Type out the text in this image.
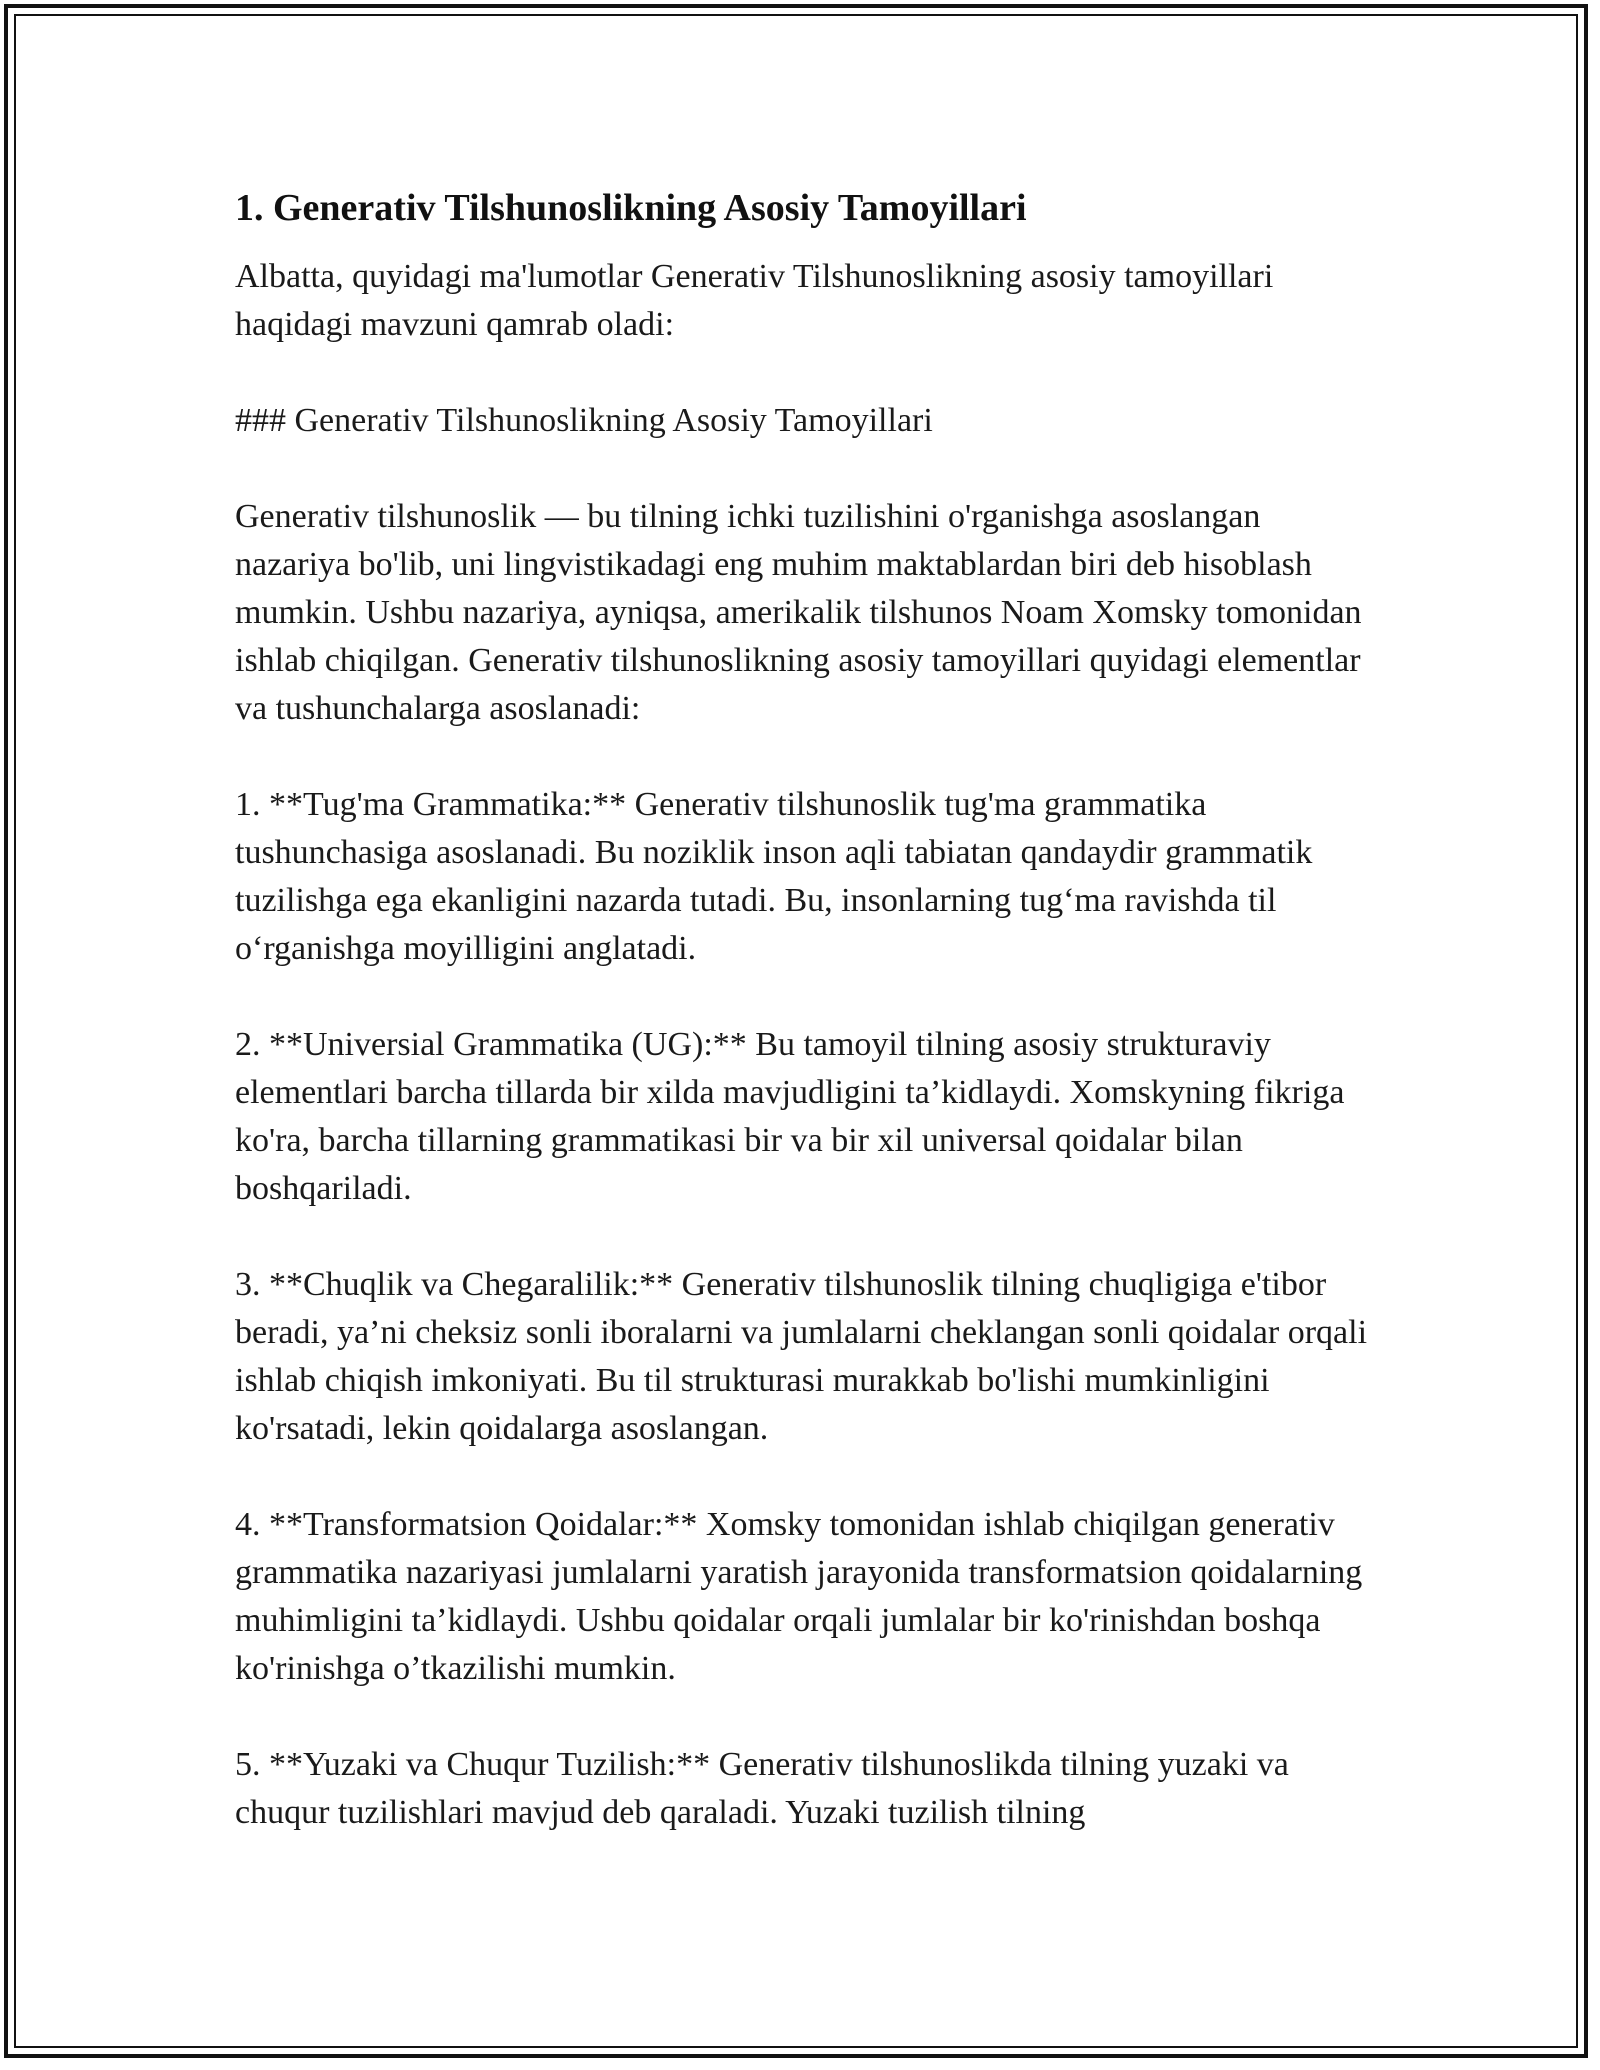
1. Generativ Tilshunoslikning Asosiy Tamoyillari

Albatta, quyidagi ma'lumotlar Generativ Tilshunoslikning asosiy tamoyillari haqidagi mavzuni qamrab oladi:

### Generativ Tilshunoslikning Asosiy Tamoyillari

Generativ tilshunoslik — bu tilning ichki tuzilishini o'rganishga asoslangan nazariya bo'lib, uni lingvistikadagi eng muhim maktablardan biri deb hisoblash mumkin. Ushbu nazariya, ayniqsa, amerikalik tilshunos Noam Xomsky tomonidan ishlab chiqilgan. Generativ tilshunoslikning asosiy tamoyillari quyidagi elementlar va tushunchalarga asoslanadi:

1. **Tug'ma Grammatika:** Generativ tilshunoslik tug'ma grammatika tushunchasiga asoslanadi. Bu noziklik inson aqli tabiatan qandaydir grammatik tuzilishga ega ekanligini nazarda tutadi. Bu, insonlarning tug‘ma ravishda til o‘rganishga moyilligini anglatadi.

2. **Universial Grammatika (UG):** Bu tamoyil tilning asosiy strukturaviy elementlari barcha tillarda bir xilda mavjudligini ta’kidlaydi. Xomskyning fikriga ko'ra, barcha tillarning grammatikasi bir va bir xil universal qoidalar bilan boshqariladi.

3. **Chuqlik va Chegaralilik:** Generativ tilshunoslik tilning chuqligiga e'tibor beradi, ya’ni cheksiz sonli iboralarni va jumlalarni cheklangan sonli qoidalar orqali ishlab chiqish imkoniyati. Bu til strukturasi murakkab bo'lishi mumkinligini ko'rsatadi, lekin qoidalarga asoslangan.

4. **Transformatsion Qoidalar:** Xomsky tomonidan ishlab chiqilgan generativ grammatika nazariyasi jumlalarni yaratish jarayonida transformatsion qoidalarning muhimligini ta’kidlaydi. Ushbu qoidalar orqali jumlalar bir ko'rinishdan boshqa ko'rinishga o’tkazilishi mumkin.

5. **Yuzaki va Chuqur Tuzilish:** Generativ tilshunoslikda tilning yuzaki va chuqur tuzilishlari mavjud deb qaraladi. Yuzaki tuzilish tilning
